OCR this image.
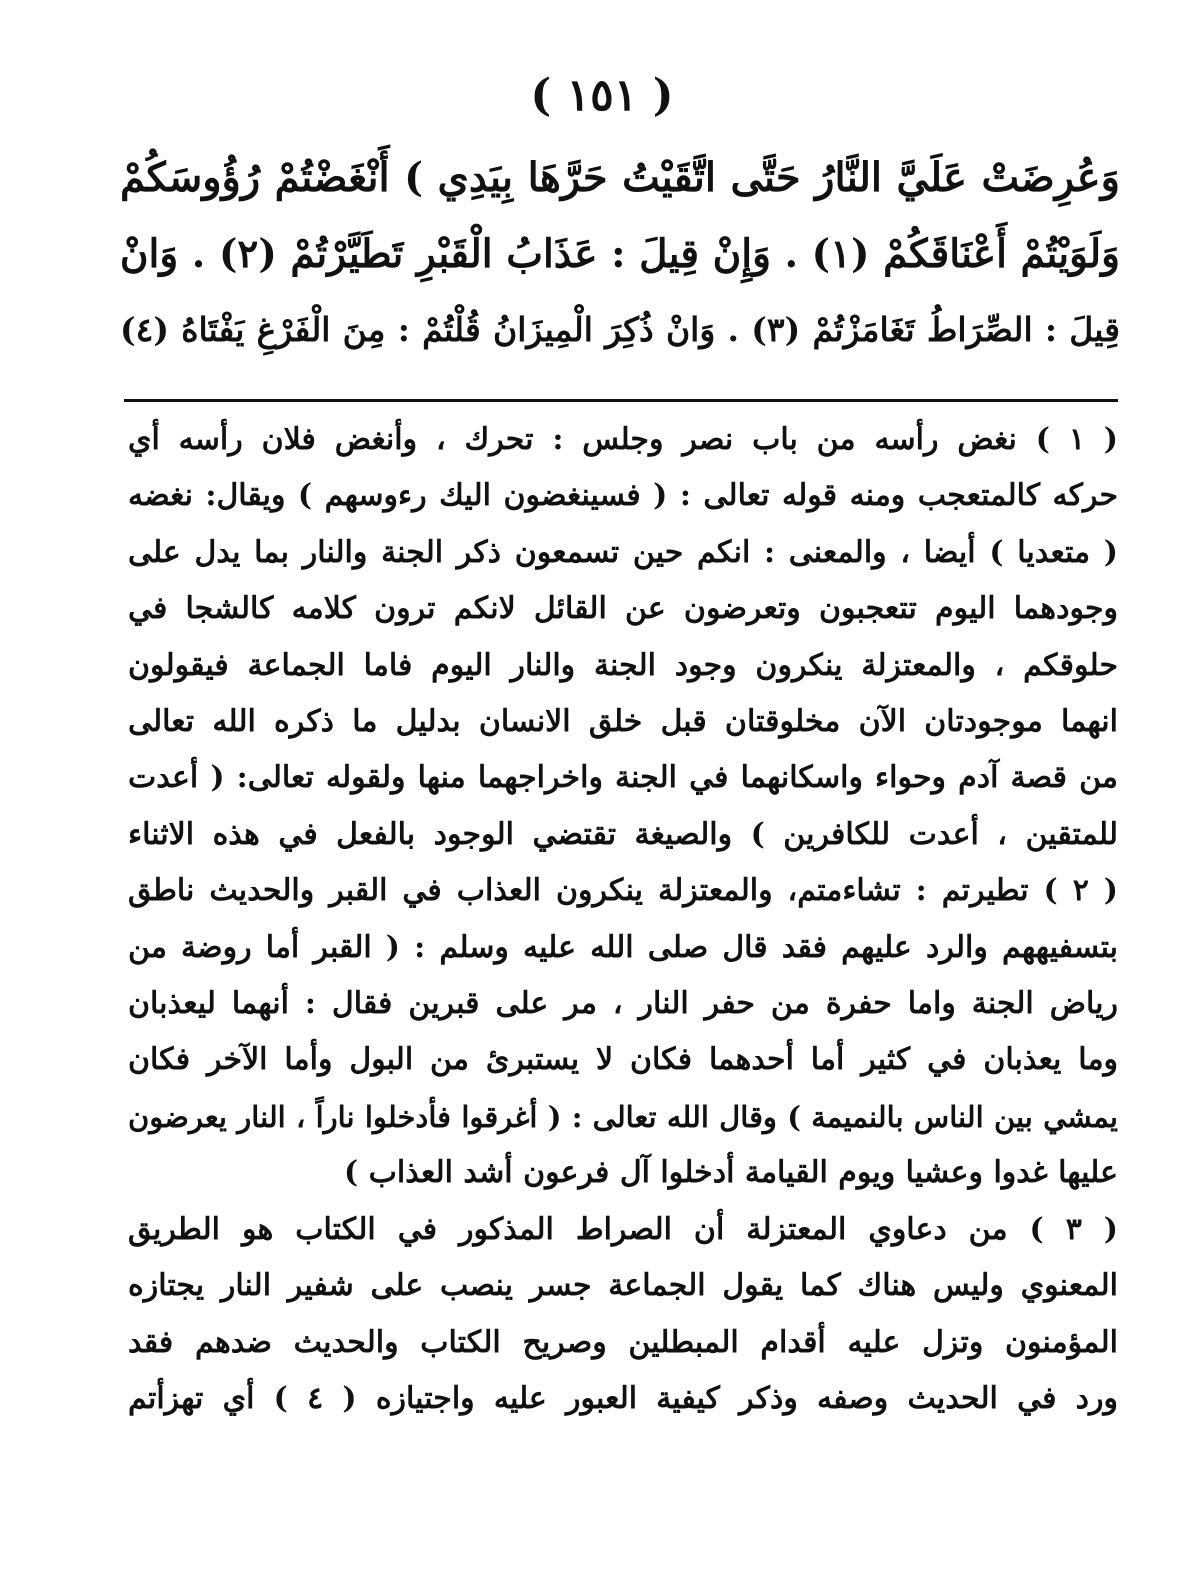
( ١٥١ )
وَعُرِضَتْ عَلَيَّ النَّارُ حَتَّى اتَّقَيْتُ حَرَّهَا بِيَدِي ) أَنْغَضْتُمْ رُؤُوسَكُمْ
وَلَوَيْتُمْ أَعْنَاقَكُمْ (١) . وَإِنْ قِيلَ : عَذَابُ الْقَبْرِ تَطَيَّرْتُمْ (٢) . وَانْ
قِيلَ : الصِّرَاطُ تَغَامَزْتُمْ (٣) . وَانْ ذُكِرَ الْمِيزَانُ قُلْتُمْ : مِنَ الْفَرْغِ يَفْتَاهُ (٤)
( ١ ) نغض رأسه من باب نصر وجلس : تحرك ، وأنغض فلان رأسه أي
حركه كالمتعجب ومنه قوله تعالى : ( فسينغضون اليك رءوسهم ) ويقال: نغضه
( متعديا ) أيضا ، والمعنى : انكم حين تسمعون ذكر الجنة والنار بما يدل على
وجودهما اليوم تتعجبون وتعرضون عن القائل لانكم ترون كلامه كالشجا في
حلوقكم ، والمعتزلة ينكرون وجود الجنة والنار اليوم فاما الجماعة فيقولون
انهما موجودتان الآن مخلوقتان قبل خلق الانسان بدليل ما ذكره الله تعالى
من قصة آدم وحواء واسكانهما في الجنة واخراجهما منها ولقوله تعالى: ( أعدت
للمتقين ، أعدت للكافرين ) والصيغة تقتضي الوجود بالفعل في هذه الاثناء
( ٢ ) تطيرتم : تشاءمتم، والمعتزلة ينكرون العذاب في القبر والحديث ناطق
بتسفيههم والرد عليهم فقد قال صلى الله عليه وسلم : ( القبر أما روضة من
رياض الجنة واما حفرة من حفر النار ، مر على قبرين فقال : أنهما ليعذبان
وما يعذبان في كثير أما أحدهما فكان لا يستبرئ من البول وأما الآخر فكان
يمشي بين الناس بالنميمة ) وقال الله تعالى : ( أغرقوا فأدخلوا ناراً ، النار يعرضون
عليها غدوا وعشيا ويوم القيامة أدخلوا آل فرعون أشد العذاب )
( ٣ ) من دعاوي المعتزلة أن الصراط المذكور في الكتاب هو الطريق
المعنوي وليس هناك كما يقول الجماعة جسر ينصب على شفير النار يجتازه
المؤمنون وتزل عليه أقدام المبطلين وصريح الكتاب والحديث ضدهم فقد
ورد في الحديث وصفه وذكر كيفية العبور عليه واجتيازه ( ٤ ) أي تهزأتم
